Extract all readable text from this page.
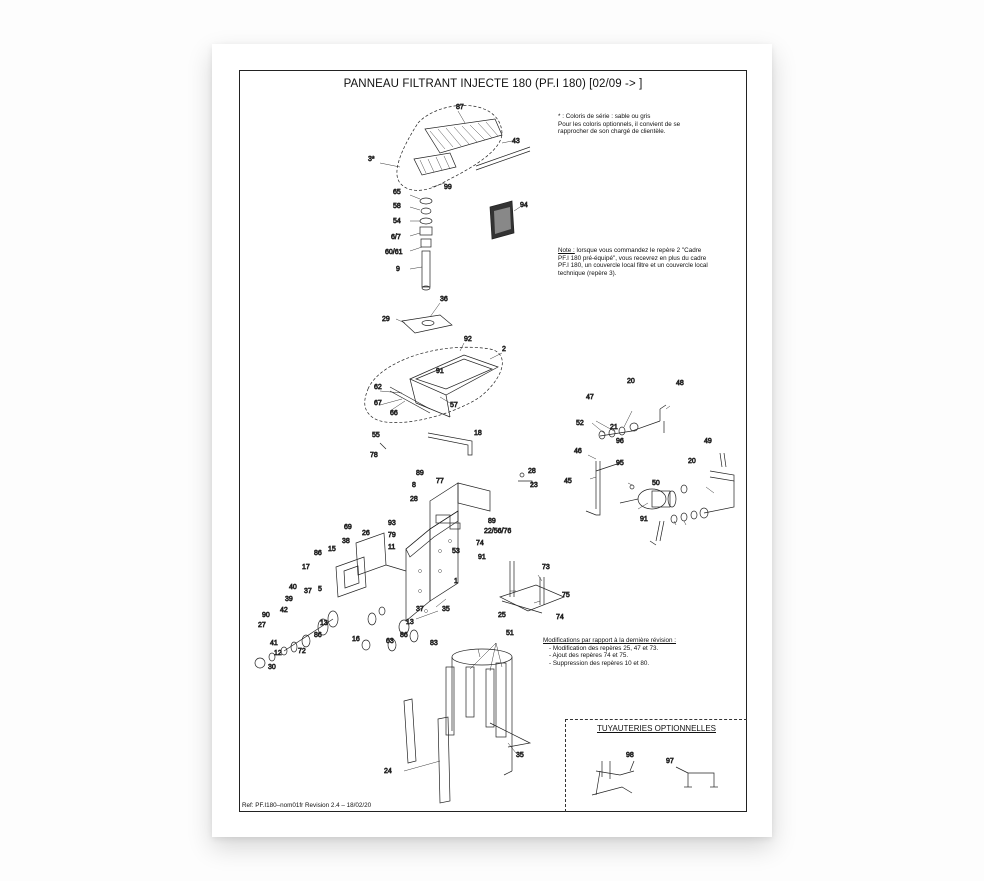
PANNEAU FILTRANT INJECTE 180 (PF.I 180) [02/09 -> ]
87
43
3*
99
65
58
54
6/7
60/61
9
94
36
29
92
2
91
62
67
66
57
55
78
18
89
8
77
28
93
79
11
89
22/56/76
74
53
91
69
26
38
86
15
17
1
35
5
37
40
39
42
90
27
41
12 72
13
86
16	63
86
13
37
30
28
23
20	48
47
52
21
96
46
95
49
20
45	50
91
73
75
25	74
83
51
35
24
98
97
* : Coloris de série : sable ou gris
Pour les coloris optionnels, il convient de se
rapprocher de son chargé de clientèle.
Note : lorsque vous commandez le repère 2 "Cadre
PF.I 180 pré-équipé", vous recevrez en plus du cadre
PF.I 180, un couvercle local filtre et un couvercle local
technique (repère 3).
Modifications par rapport à la dernière révision :
- Modification des repères 25, 47 et 73.
- Ajout des repères 74 et 75.
- Suppression des repères 10 et 80.
TUYAUTERIES OPTIONNELLES
Ref: PF.I180–nom01fr Revision 2.4 – 18/02/20
